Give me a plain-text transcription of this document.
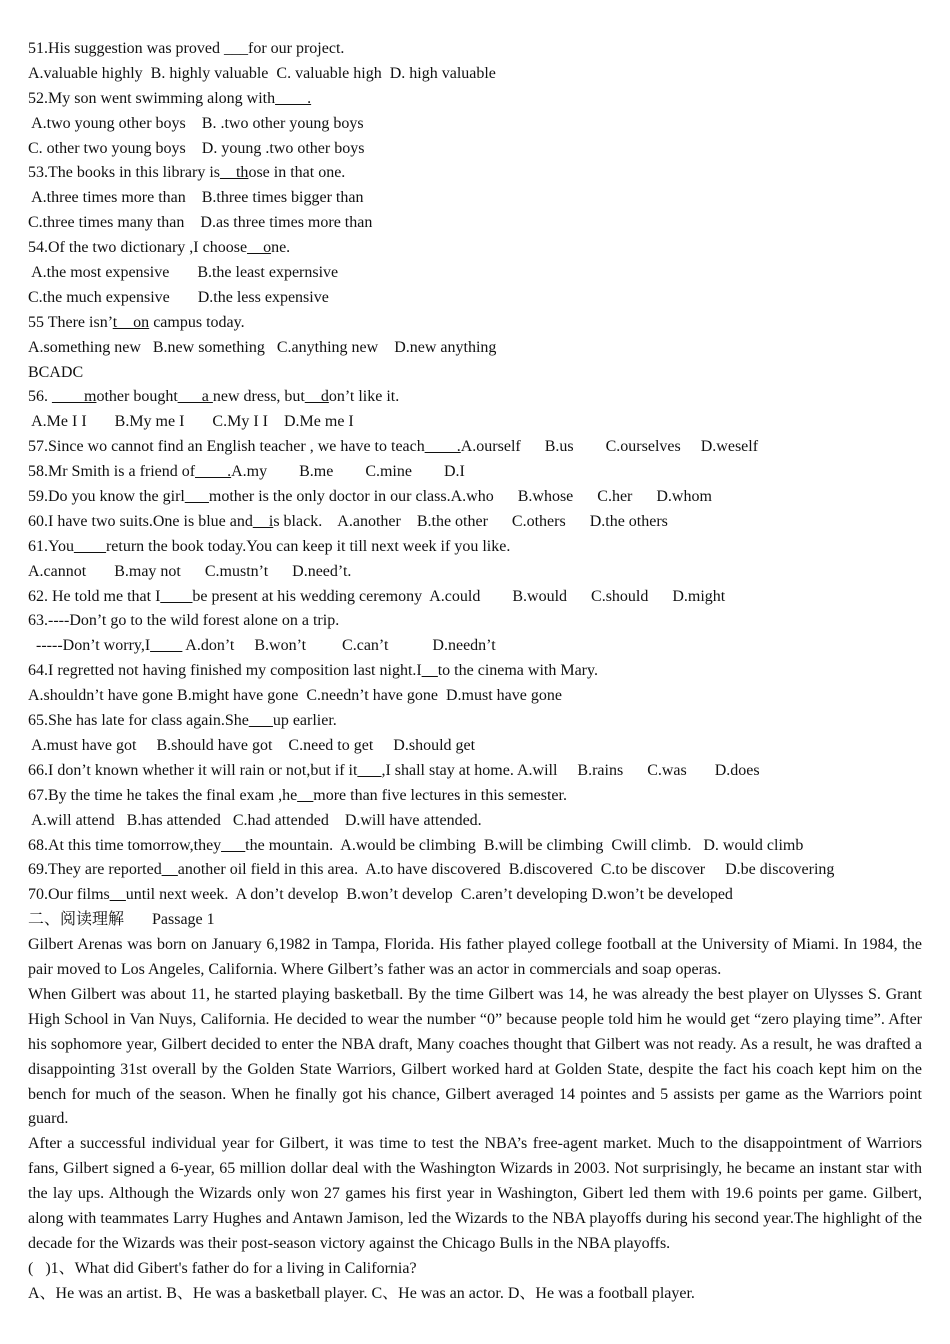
51.His suggestion was proved ___for our project.
A.valuable highly  B. highly valuable  C. valuable high  D. high valuable
52.My son went swimming along with____.
A.two young other boys    B. .two other young boys
C. other two young boys    D. young .two other boys
53.The books in this library is__those in that one.
A.three times more than    B.three times bigger than
C.three times many than    D.as three times more than
54.Of the two dictionary ,I choose__one.
A.the most expensive       B.the least expernsive
C.the much expensive       D.the less expensive
55 There isn’t__on campus today.
A.something new   B.new something   C.anything new    D.new anything
BCADC
56. ____mother bought___a new dress, but__don’t like it.
A.Me I I       B.My me I       C.My I I    D.Me me I
57.Since wo cannot find an English teacher , we have to teach____.A.ourself      B.us        C.ourselves     D.weself
58.Mr Smith is a friend of____.A.my        B.me        C.mine        D.I
59.Do you know the girl___mother is the only doctor in our class.A.who      B.whose      C.her      D.whom
60.I have two suits.One is blue and__is black.    A.another    B.the other      C.others      D.the others
61.You____return the book today.You can keep it till next week if you like.
A.cannot       B.may not      C.mustn’t      D.need’t.
62. He told me that I____be present at his wedding ceremony  A.could        B.would      C.should      D.might
63.----Don’t go to the wild forest alone on a trip.
-----Don’t worry,I____ A.don’t     B.won’t         C.can’t           D.needn’t
64.I regretted not having finished my composition last night.I__to the cinema with Mary.
A.shouldn’t have gone B.might have gone  C.needn’t have gone  D.must have gone
65.She has late for class again.She___up earlier.
A.must have got     B.should have got    C.need to get     D.should get
66.I don’t known whether it will rain or not,but if it___,I shall stay at home. A.will     B.rains      C.was       D.does
67.By the time he takes the final exam ,he__more than five lectures in this semester.
A.will attend   B.has attended   C.had attended    D.will have attended.
68.At this time tomorrow,they___the mountain.  A.would be climbing  B.will be climbing  Cwill climb.   D. would climb
69.They are reported__another oil field in this area.  A.to have discovered  B.discovered  C.to be discover     D.be discovering
70.Our films__until next week.  A don’t develop  B.won’t develop  C.aren’t developing D.won’t be developed
二、阅读理解       Passage 1
Gilbert Arenas was born on January 6,1982 in Tampa, Florida. His father played college football at the University of Miami. In 1984, the pair moved to Los Angeles, California. Where Gilbert’s father was an actor in commercials and soap operas.
When Gilbert was about 11, he started playing basketball. By the time Gilbert was 14, he was already the best player on Ulysses S. Grant High School in Van Nuys, California. He decided to wear the number “0” because people told him he would get “zero playing time”. After his sophomore year, Gilbert decided to enter the NBA draft, Many coaches thought that Gilbert was not ready. As a result, he was drafted a disappointing 31st overall by the Golden State Warriors, Gilbert worked hard at Golden State, despite the fact his coach kept him on the bench for much of the season. When he finally got his chance, Gilbert averaged 14 pointes and 5 assists per game as the Warriors point guard.
After a successful individual year for Gilbert, it was time to test the NBA’s free-agent market. Much to the disappointment of Warriors fans, Gilbert signed a 6-year, 65 million dollar deal with the Washington Wizards in 2003. Not surprisingly, he became an instant star with the lay ups. Although the Wizards only won 27 games his first year in Washington, Gibert led them with 19.6 points per game. Gilbert, along with teammates Larry Hughes and Antawn Jamison, led the Wizards to the NBA playoffs during his second year.The highlight of the decade for the Wizards was their post-season victory against the Chicago Bulls in the NBA playoffs.
(   )1、What did Gibert's father do for a living in California?
A、He was an artist. B、He was a basketball player. C、He was an actor. D、He was a football player.
